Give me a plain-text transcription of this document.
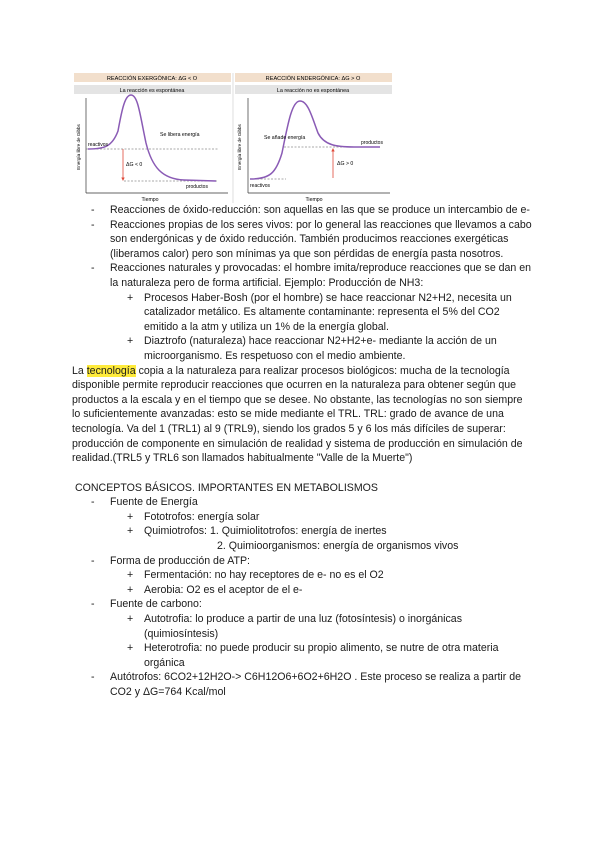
REACCIÓN EXERGÓNICA: ΔG < O
La reacción es espontánea
Energía libre de Gibbs reactivos
ΔG < 0
Se libera energía
productos
Tiempo
REACCIÓN ENDERGÓNICA: ΔG > O
La reacción no es espontánea
Energía libre de Gibbs
reactivos
ΔG > 0
Se añade energía
productos
Tiempo
- Reacciones de óxido-reducción: son aquellas en las que se produce un intercambio de e-
- Reacciones propias de los seres vivos: por lo general las reacciones que llevamos a cabo son endergónicas y de óxido reducción. También producimos reacciones exergéticas (liberamos calor) pero son mínimas ya que son pérdidas de energía pasta nosotros.
- Reacciones naturales y provocadas: el hombre imita/reproduce reacciones que se dan en la naturaleza pero de forma artificial. Ejemplo: Producción de NH3:
+ Procesos Haber-Bosh (por el hombre) se hace reaccionar N2+H2, necesita un catalizador metálico. Es altamente contaminante: representa el 5% del CO2 emitido a la atm y utiliza un 1% de la energía global.
+ Diaztrofo (naturaleza) hace reaccionar N2+H2+e- mediante la acción de un microorganismo. Es respetuoso con el medio ambiente.

La tecnología copia a la naturaleza para realizar procesos biológicos: mucha de la tecnología disponible permite reproducir reacciones que ocurren en la naturaleza para obtener según que productos a la escala y en el tiempo que se desee. No obstante, las tecnologías no son siempre lo suficientemente avanzadas: esto se mide mediante el TRL. TRL: grado de avance de una tecnología. Va del 1 (TRL1) al 9 (TRL9), siendo los grados 5 y 6 los más difíciles de superar: producción de componente en simulación de realidad y sistema de producción en simulación de realidad.(TRL5 y TRL6 son llamados habitualmente "Valle de la Muerte")

CONCEPTOS BÁSICOS. IMPORTANTES EN METABOLISMOS
- Fuente de Energía
+ Fototrofos: energía solar
+ Quimiotrofos: 1. Quimiolitotrofos: energía de inertes
2. Quimioorganismos: energía de organismos vivos
- Forma de producción de ATP:
+ Fermentación: no hay receptores de e- no es el O2
+ Aerobia: O2 es el aceptor de el e-
- Fuente de carbono:
+ Autotrofia: lo produce a partir de una luz (fotosíntesis) o inorgánicas (quimiosíntesis)
+ Heterotrofia: no puede producir su propio alimento, se nutre de otra materia orgánica
- Autótrofos: 6CO2+12H2O-> C6H12O6+6O2+6H2O . Este proceso se realiza a partir de CO2 y ΔG=764 Kcal/mol
